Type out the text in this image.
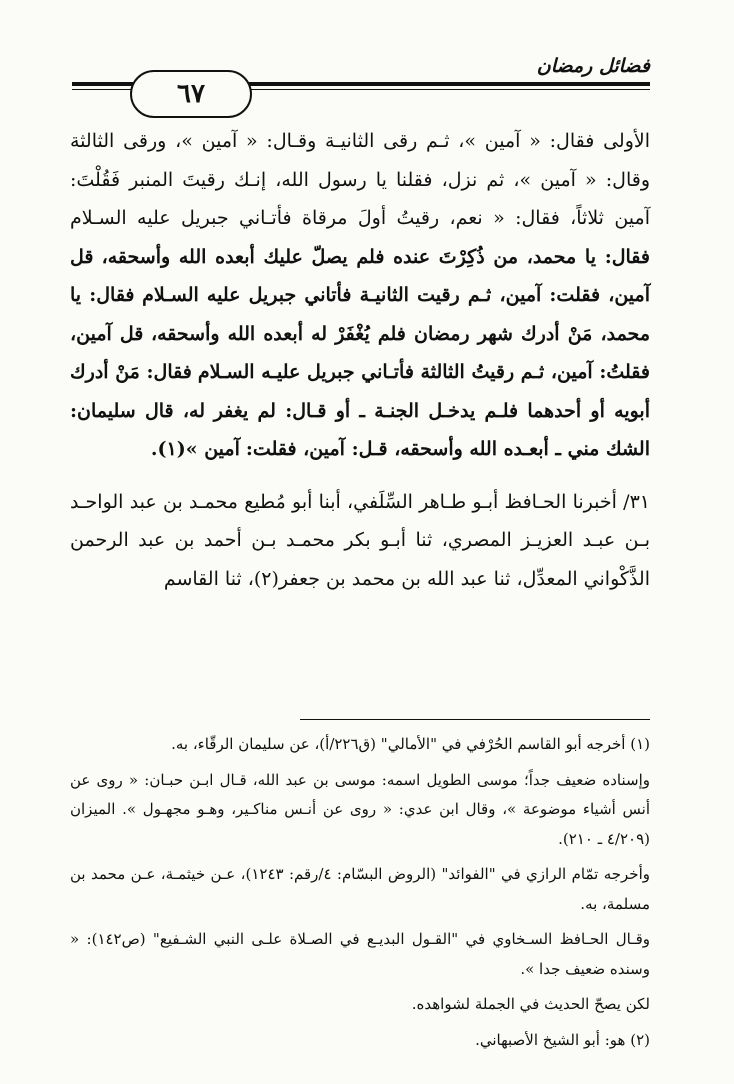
فضائل رمضان
٦٧

الأولى فقال: « آمين »، ثـم رقى الثانيـة وقـال: « آمين »، ورقى الثالثة وقال: « آمين »، ثم نزل، فقلنا يا رسول الله، إنـك رقيتَ المنبر فَقُلْتَ: آمين ثلاثاً، فقال: « نعم، رقيتُ أولَ مرقاة فأتـاني جبريل عليه السـلام فقال: يا محمد، من ذُكِرْتَ عنده فلم يصلّ عليك أبعده الله وأسحقه، قل آمين، فقلت: آمين، ثـم رقيت الثانيـة فأتاني جبريل عليه السـلام فقال: يا محمد، مَنْ أدرك شهر رمضان فلم يُغْفَرْ له أبعده الله وأسحقه، قل آمين، فقلتُ: آمين، ثـم رقيتُ الثالثة فأتـاني جبريل عليـه السـلام فقال: مَنْ أدرك أبويه أو أحدهما فلـم يدخـل الجنـة ـ أو قـال: لم يغفر له، قال سليمان: الشك مني ـ أبعـده الله وأسحقه، قـل: آمين، فقلت: آمين »(١).

٣١/ أخبرنا الحـافظ أبـو طـاهر السِّلَفي، أبنا أبو مُطيع محمـد بن عبد الواحـد بـن عبـد العزيـز المصري، ثنا أبـو بكر محمـد بـن أحمد بن عبد الرحمن الذَّكْواني المعدِّل، ثنا عبد الله بن محمد بن جعفر(٢)، ثنا القاسم

(١) أخرجه أبو القاسم الحُرْفي في "الأمالي" (ق٢٢٦/أ)، عن سليمان الرقّاء، به.

وإسناده ضعيف جداً؛ موسى الطويل اسمه: موسى بن عبد الله، قـال ابـن حبـان: « روى عن أنس أشياء موضوعة »، وقال ابن عدي: « روى عن أنـس مناكـير، وهـو مجهـول ». الميزان (٤/٢٠٩ ـ ٢١٠).

وأخرجه تمّام الرازي في "الفوائد" (الروض البسّام: ٤/رقم: ١٢٤٣)، عـن خيثمـة، عـن محمد بن مسلمة، به.

وقـال الحـافظ السـخاوي في "القـول البديـع في الصـلاة علـى النبي الشـفيع" (ص١٤٢): « وسنده ضعيف جدا ».

لكن يصحّ الحديث في الجملة لشواهده.

(٢) هو: أبو الشيخ الأصبهاني.
